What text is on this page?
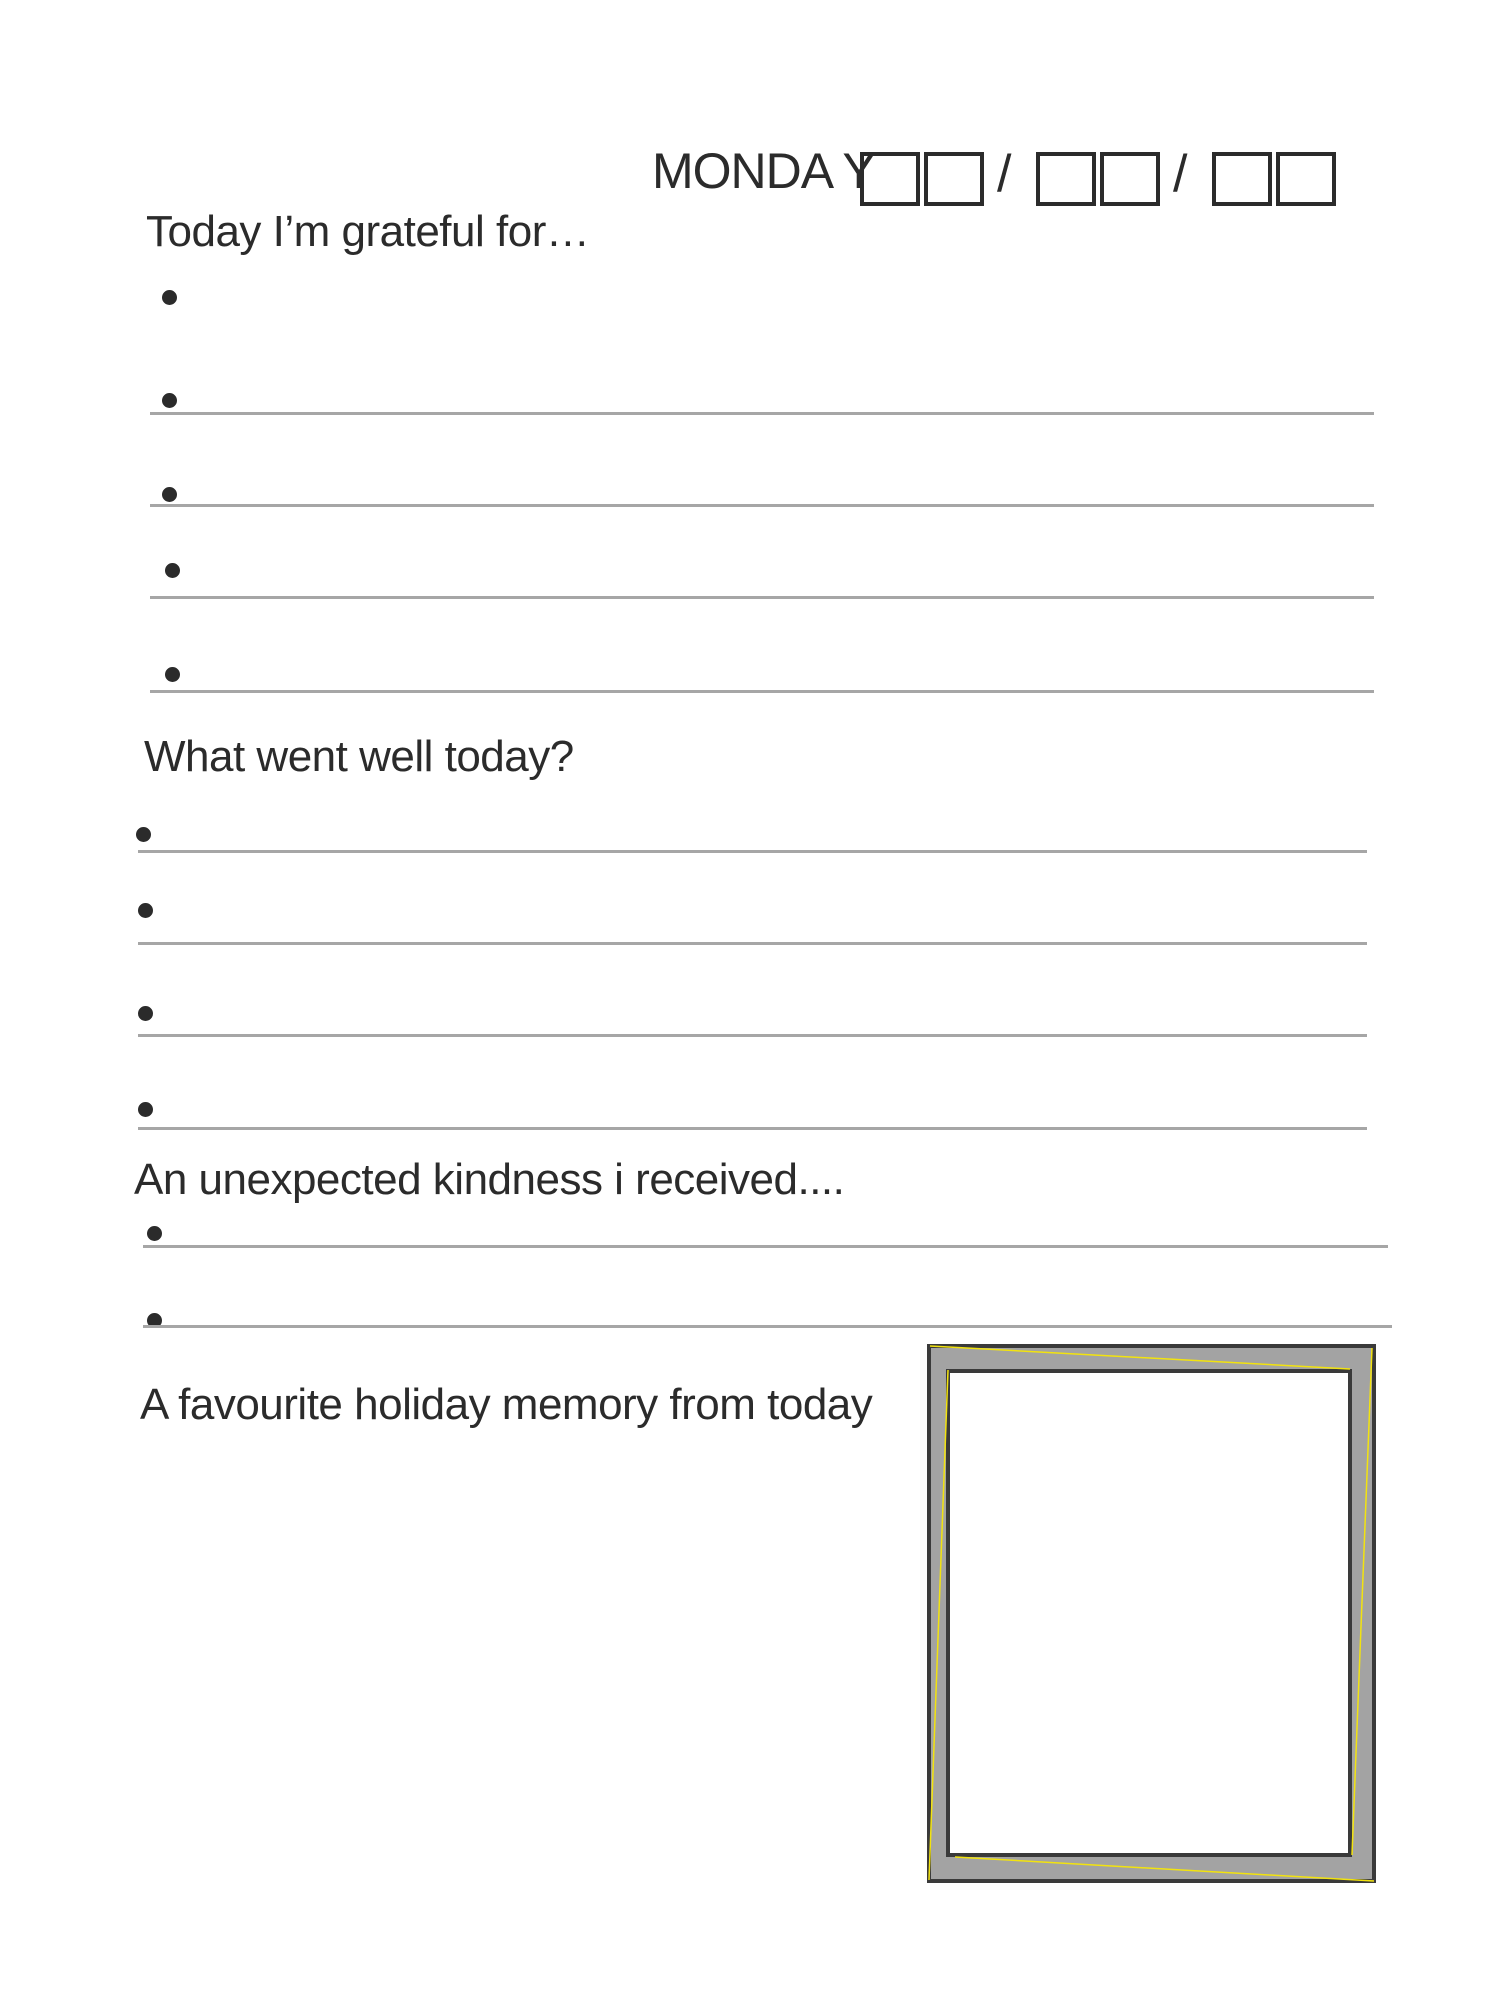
MONDA Y /	/
Today I’m grateful for…
What went well today?
An unexpected kindness i received....
A favourite holiday memory from today
